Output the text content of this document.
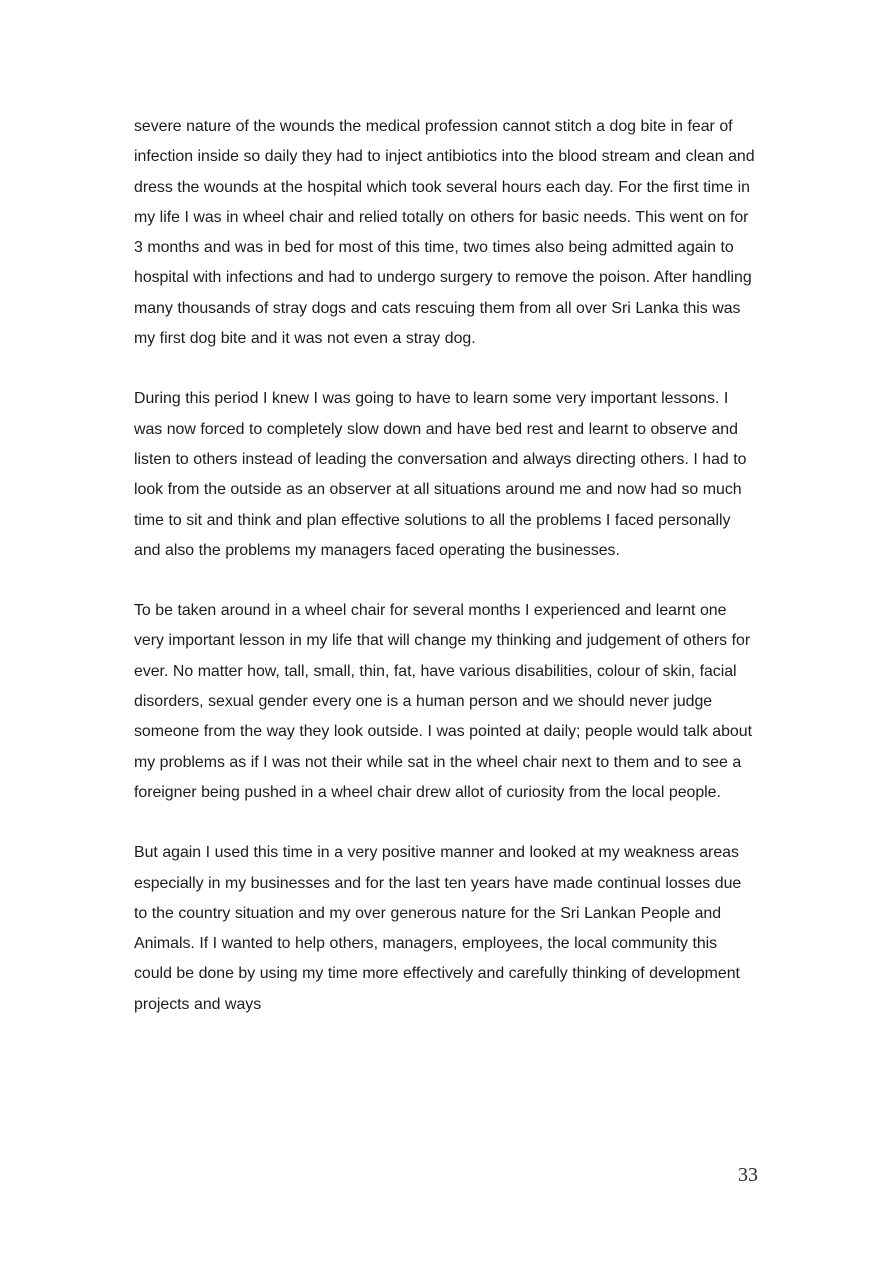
severe nature of the wounds the medical profession cannot stitch a dog bite in fear of infection inside so daily they had to inject antibiotics into the blood stream and clean and dress the wounds at the hospital which took several hours each day. For the first time in my life I was in wheel chair and relied totally on others for basic needs. This went on for 3 months and was in bed for most of this time, two times also being admitted again to hospital with infections and had to undergo surgery to remove the poison. After handling many thousands of stray dogs and cats rescuing them from all over Sri Lanka this was my first dog bite and it was not even a stray dog.

During this period I knew I was going to have to learn some very important lessons. I was now forced to completely slow down and have bed rest and learnt to observe and listen to others instead of leading the conversation and always directing others. I had to look from the outside as an observer at all situations around me and now had so much time to sit and think and plan effective solutions to all the problems I faced personally and also the problems my managers faced operating the businesses.

To be taken around in a wheel chair for several months I experienced and learnt one very important lesson in my life that will change my thinking and judgement of others for ever. No matter how, tall, small, thin, fat, have various disabilities, colour of skin, facial disorders, sexual gender every one is a human person and we should never judge someone from the way they look outside. I was pointed at daily; people would talk about my problems as if I was not their while sat in the wheel chair next to them and to see a foreigner being pushed in a wheel chair drew allot of curiosity from the local people.

But again I used this time in a very positive manner and looked at my weakness areas especially in my businesses and for the last ten years have made continual losses due to the country situation and my over generous nature for the Sri Lankan People and Animals. If I wanted to help others, managers, employees, the local community this could be done by using my time more effectively and carefully thinking of development projects and ways

33
